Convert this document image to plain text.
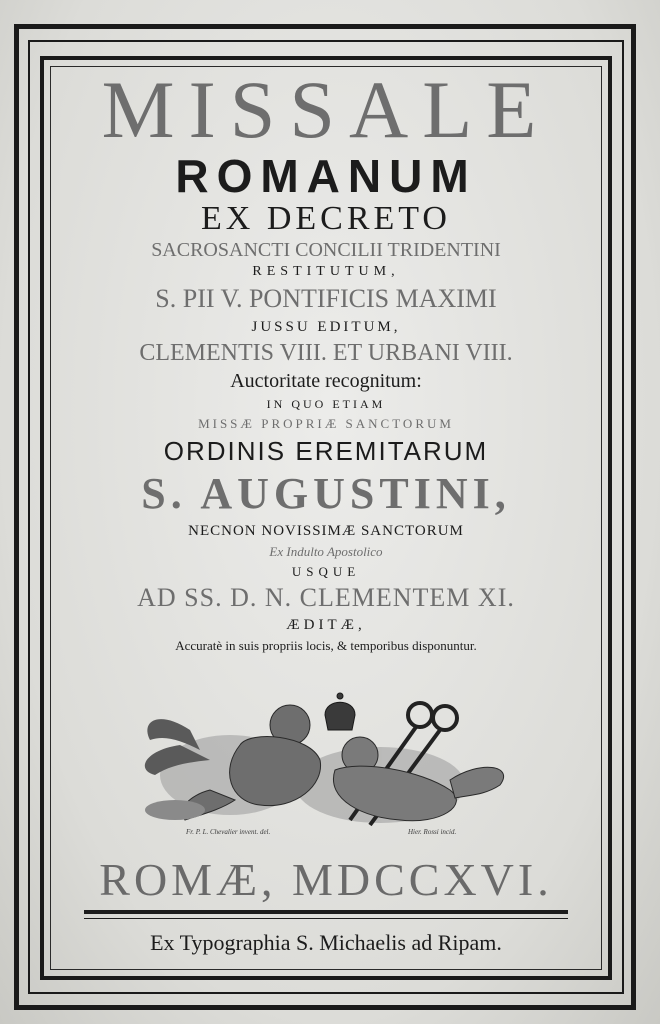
MISSALE
ROMANUM
EX DECRETO
SACROSANCTI CONCILII TRIDENTINI
RESTITUTUM,
S. PII V. PONTIFICIS MAXIMI
JUSSU EDITUM,
CLEMENTIS VIII. ET URBANI VIII.
Auctoritate recognitum:
IN QUO ETIAM
MISSÆ PROPRIÆ SANCTORUM
ORDINIS EREMITARUM
S. AUGUSTINI,
NECNON NOVISSIMÆ SANCTORUM
Ex Indulto Apostolico
USQUE
AD SS. D. N. CLEMENTEM XI.
ÆDITÆ,
Accuratè in suis propriis locis, & temporibus disponuntur.
Fr. P. L. Chevalier invent. del.	Hier. Rossi incid.
ROMÆ, MDCCXVI.
Ex Typographia S. Michaelis ad Ripam.
